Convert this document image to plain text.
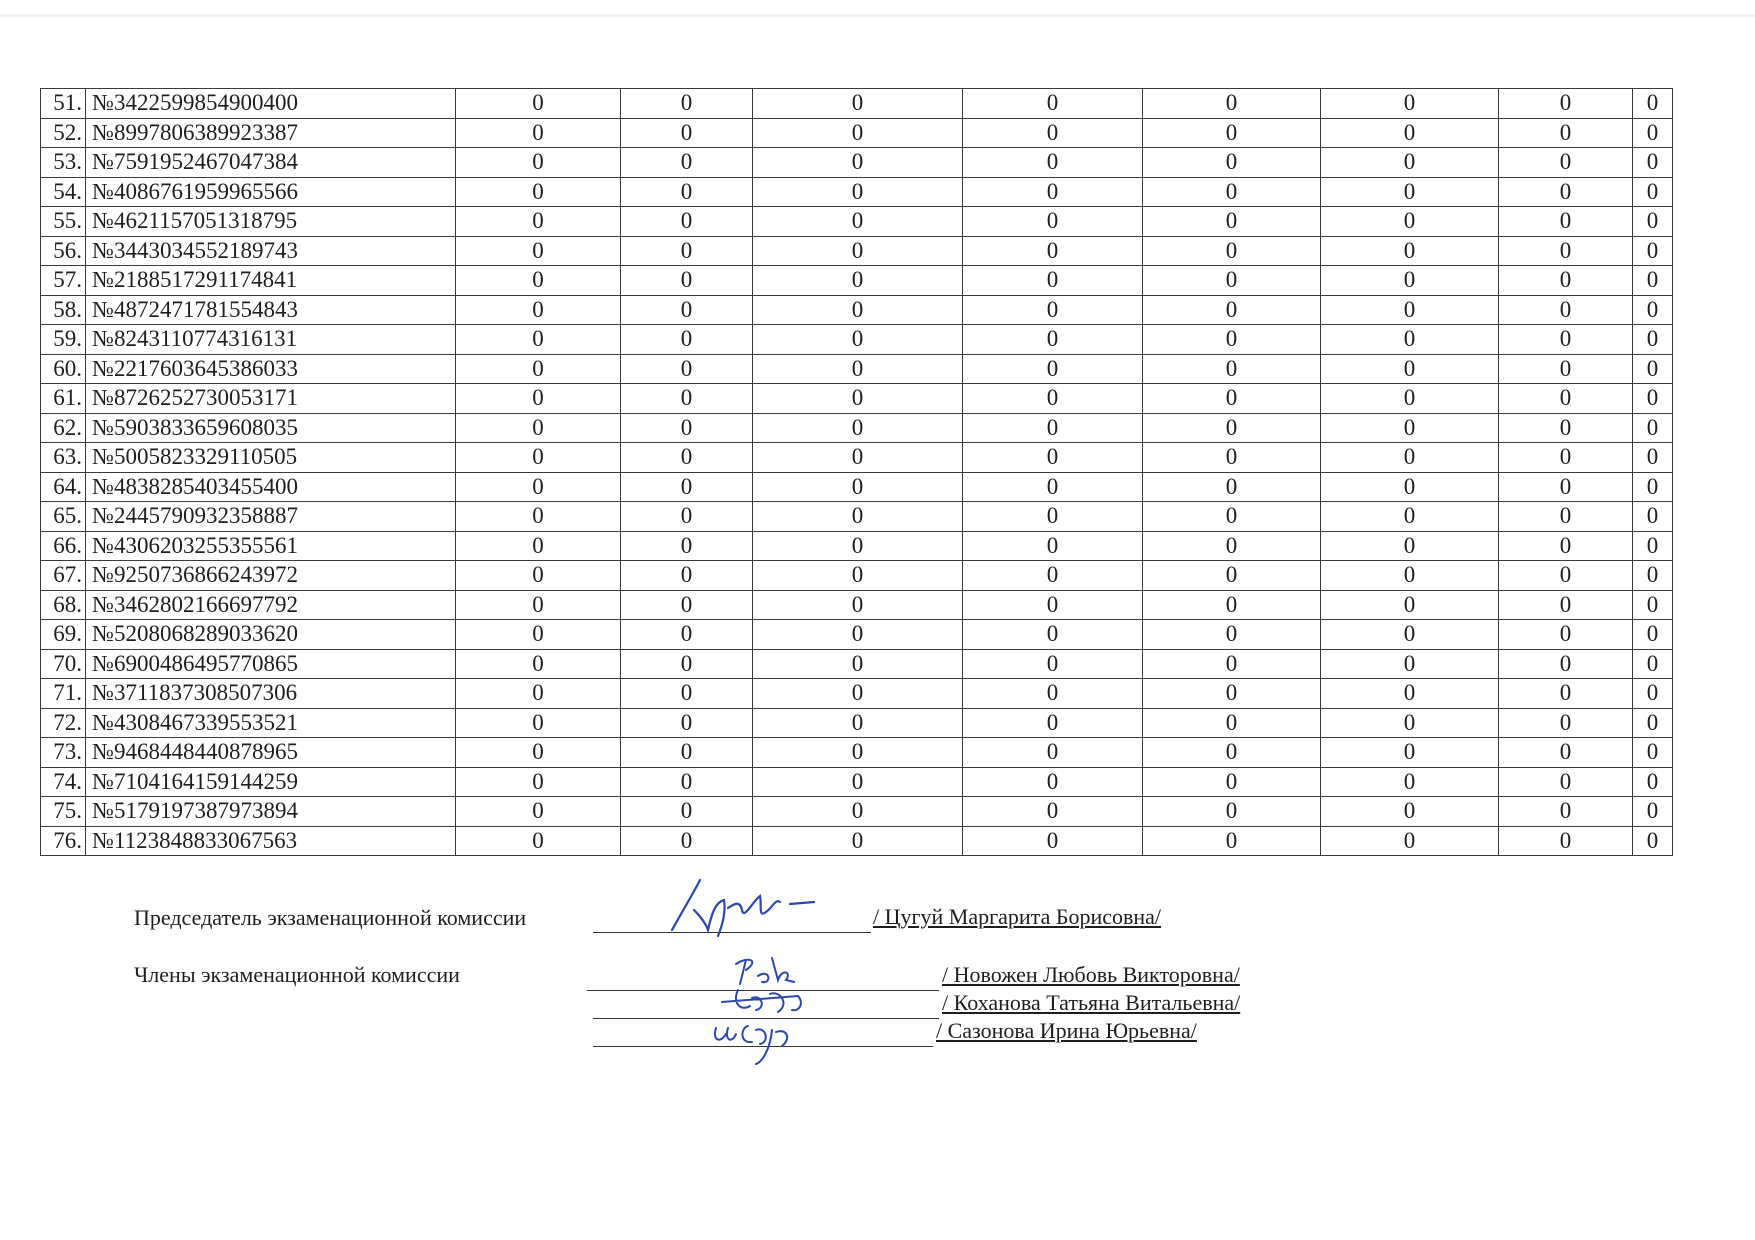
51.	№3422599854900400	0	0	0	0	0	0	0	0
52.	№8997806389923387	0	0	0	0	0	0	0	0
53.	№7591952467047384	0	0	0	0	0	0	0	0
54.	№4086761959965566	0	0	0	0	0	0	0	0
55.	№4621157051318795	0	0	0	0	0	0	0	0
56.	№3443034552189743	0	0	0	0	0	0	0	0
57.	№2188517291174841	0	0	0	0	0	0	0	0
58.	№4872471781554843	0	0	0	0	0	0	0	0
59.	№8243110774316131	0	0	0	0	0	0	0	0
60.	№2217603645386033	0	0	0	0	0	0	0	0
61.	№8726252730053171	0	0	0	0	0	0	0	0
62.	№5903833659608035	0	0	0	0	0	0	0	0
63.	№5005823329110505	0	0	0	0	0	0	0	0
64.	№4838285403455400	0	0	0	0	0	0	0	0
65.	№2445790932358887	0	0	0	0	0	0	0	0
66.	№4306203255355561	0	0	0	0	0	0	0	0
67.	№9250736866243972	0	0	0	0	0	0	0	0
68.	№3462802166697792	0	0	0	0	0	0	0	0
69.	№5208068289033620	0	0	0	0	0	0	0	0
70.	№6900486495770865	0	0	0	0	0	0	0	0
71.	№3711837308507306	0	0	0	0	0	0	0	0
72.	№4308467339553521	0	0	0	0	0	0	0	0
73.	№9468448440878965	0	0	0	0	0	0	0	0
74.	№7104164159144259	0	0	0	0	0	0	0	0
75.	№5179197387973894	0	0	0	0	0	0	0	0
76.	№1123848833067563	0	0	0	0	0	0	0	0
Председатель экзаменационной комиссии	/ Цугуй Маргарита Борисовна/
Члены экзаменационной комиссии	/ Новожен Любовь Викторовна/
/ Коханова Татьяна Витальевна/
/ Сазонова Ирина Юрьевна/
